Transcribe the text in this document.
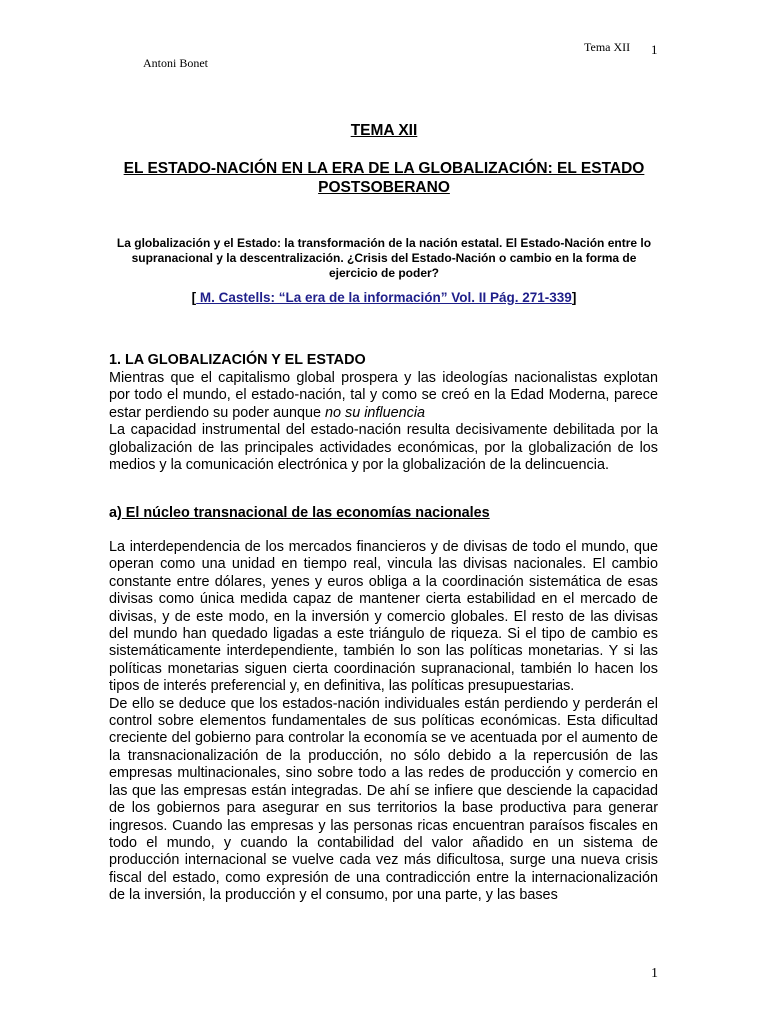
Tema XII 1
Antoni Bonet
TEMA XII
EL ESTADO-NACIÓN EN LA ERA DE LA GLOBALIZACIÓN: EL ESTADO POSTSOBERANO
La globalización y el Estado: la transformación de la nación estatal. El Estado-Nación entre lo supranacional y la descentralización. ¿Crisis del Estado-Nación o cambio en la forma de ejercicio de poder?
[ M. Castells: “La era de la información” Vol. II Pág. 271-339]
1. LA GLOBALIZACIÓN Y EL ESTADO

Mientras que el capitalismo global prospera y las ideologías nacionalistas explotan por todo el mundo, el estado-nación, tal y como se creó en la Edad Moderna, parece estar perdiendo su poder aunque no su influencia

La capacidad instrumental del estado-nación resulta decisivamente debilitada por la globalización de las principales actividades económicas, por la globalización de los medios y la comunicación electrónica y por la globalización de la delincuencia.

a) El núcleo transnacional de las economías nacionales

La interdependencia de los mercados financieros y de divisas de todo el mundo, que operan como una unidad en tiempo real, vincula las divisas nacionales. El cambio constante entre dólares, yenes y euros obliga a la coordinación sistemática de esas divisas como única medida capaz de mantener cierta estabilidad en el mercado de divisas, y de este modo, en la inversión y comercio globales. El resto de las divisas del mundo han quedado ligadas a este triángulo de riqueza. Si el tipo de cambio es sistemáticamente interdependiente, también lo son las políticas monetarias. Y si las políticas monetarias siguen cierta coordinación supranacional, también lo hacen los tipos de interés preferencial y, en definitiva, las políticas presupuestarias.

De ello se deduce que los estados-nación individuales están perdiendo y perderán el control sobre elementos fundamentales de sus políticas económicas. Esta dificultad creciente del gobierno para controlar la economía se ve acentuada por el aumento de la transnacionalización de la producción, no sólo debido a la repercusión de las empresas multinacionales, sino sobre todo a las redes de producción y comercio en las que las empresas están integradas. De ahí se infiere que desciende la capacidad de los gobiernos para asegurar en sus territorios la base productiva para generar ingresos. Cuando las empresas y las personas ricas encuentran paraísos fiscales en todo el mundo, y cuando la contabilidad del valor añadido en un sistema de producción internacional se vuelve cada vez más dificultosa, surge una nueva crisis fiscal del estado, como expresión de una contradicción entre la internacionalización de la inversión, la producción y el consumo, por una parte, y las bases

1
